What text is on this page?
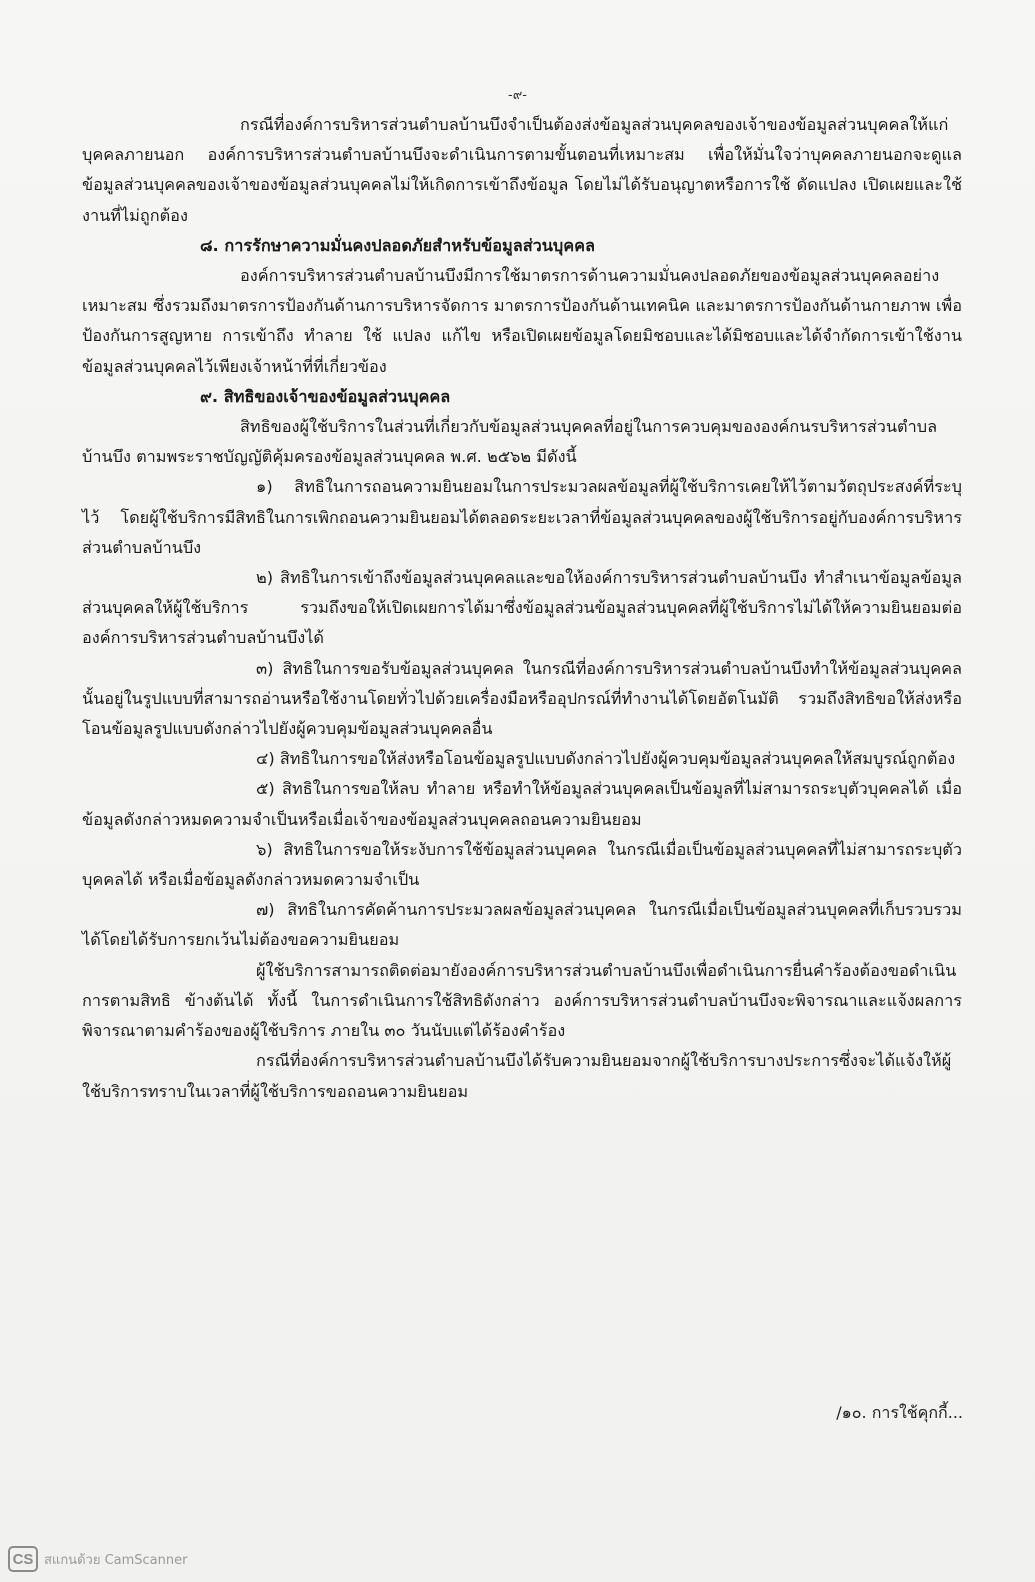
-๙-

กรณีที่องค์การบริหารส่วนตำบลบ้านบึงจำเป็นต้องส่งข้อมูลส่วนบุคคลของเจ้าของข้อมูลส่วนบุคคลให้แก่บุคคลภายนอก องค์การบริหารส่วนตำบลบ้านบึงจะดำเนินการตามขั้นตอนที่เหมาะสม เพื่อให้มั่นใจว่าบุคคลภายนอกจะดูแลข้อมูลส่วนบุคคลของเจ้าของข้อมูลส่วนบุคคลไม่ให้เกิดการเข้าถึงข้อมูล โดยไม่ได้รับอนุญาตหรือการใช้ ดัดแปลง เปิดเผยและใช้งานที่ไม่ถูกต้อง

๘. การรักษาความมั่นคงปลอดภัยสำหรับข้อมูลส่วนบุคคล

องค์การบริหารส่วนตำบลบ้านบึงมีการใช้มาตรการด้านความมั่นคงปลอดภัยของข้อมูลส่วนบุคคลอย่างเหมาะสม ซึ่งรวมถึงมาตรการป้องกันด้านการบริหารจัดการ มาตรการป้องกันด้านเทคนิค และมาตรการป้องกันด้านกายภาพ เพื่อป้องกันการสูญหาย การเข้าถึง ทำลาย ใช้ แปลง แก้ไข หรือเปิดเผยข้อมูลโดยมิชอบและได้มิชอบและได้จำกัดการเข้าใช้งานข้อมูลส่วนบุคคลไว้เพียงเจ้าหน้าที่ที่เกี่ยวข้อง

๙. สิทธิของเจ้าของข้อมูลส่วนบุคคล

สิทธิของผู้ใช้บริการในส่วนที่เกี่ยวกับข้อมูลส่วนบุคคลที่อยู่ในการควบคุมขององค์กนรบริหารส่วนตำบลบ้านบึง ตามพระราชบัญญัติคุ้มครองข้อมูลส่วนบุคคล พ.ศ. ๒๕๖๒ มีดังนี้

๑) สิทธิในการถอนความยินยอมในการประมวลผลข้อมูลที่ผู้ใช้บริการเคยให้ไว้ตามวัตถุประสงค์ที่ระบุไว้ โดยผู้ใช้บริการมีสิทธิในการเพิกถอนความยินยอมได้ตลอดระยะเวลาที่ข้อมูลส่วนบุคคลของผู้ใช้บริการอยู่กับองค์การบริหารส่วนตำบลบ้านบึง

๒) สิทธิในการเข้าถึงข้อมูลส่วนบุคคลและขอให้องค์การบริหารส่วนตำบลบ้านบึง ทำสำเนาข้อมูลข้อมูลส่วนบุคคลให้ผู้ใช้บริการ รวมถึงขอให้เปิดเผยการได้มาซึ่งข้อมูลส่วนข้อมูลส่วนบุคคลที่ผู้ใช้บริการไม่ได้ให้ความยินยอมต่อองค์การบริหารส่วนตำบลบ้านบึงได้

๓) สิทธิในการขอรับข้อมูลส่วนบุคคล ในกรณีที่องค์การบริหารส่วนตำบลบ้านบึงทำให้ข้อมูลส่วนบุคคลนั้นอยู่ในรูปแบบที่สามารถอ่านหรือใช้งานโดยทั่วไปด้วยเครื่องมือหรืออุปกรณ์ที่ทำงานได้โดยอัตโนมัติ รวมถึงสิทธิขอให้ส่งหรือโอนข้อมูลรูปแบบดังกล่าวไปยังผู้ควบคุมข้อมูลส่วนบุคคลอื่น

๔) สิทธิในการขอให้ส่งหรือโอนข้อมูลรูปแบบดังกล่าวไปยังผู้ควบคุมข้อมูลส่วนบุคคลให้สมบูรณ์ถูกต้อง

๕) สิทธิในการขอให้ลบ ทำลาย หรือทำให้ข้อมูลส่วนบุคคลเป็นข้อมูลที่ไม่สามารถระบุตัวบุคคลได้ เมื่อข้อมูลดังกล่าวหมดความจำเป็นหรือเมื่อเจ้าของข้อมูลส่วนบุคคลถอนความยินยอม

๖) สิทธิในการขอให้ระงับการใช้ข้อมูลส่วนบุคคล ในกรณีเมื่อเป็นข้อมูลส่วนบุคคลที่ไม่สามารถระบุตัวบุคคลได้ หรือเมื่อข้อมูลดังกล่าวหมดความจำเป็น

๗) สิทธิในการคัดค้านการประมวลผลข้อมูลส่วนบุคคล ในกรณีเมื่อเป็นข้อมูลส่วนบุคคลที่เก็บรวบรวมได้โดยได้รับการยกเว้นไม่ต้องขอความยินยอม

ผู้ใช้บริการสามารถติดต่อมายังองค์การบริหารส่วนตำบลบ้านบึงเพื่อดำเนินการยื่นคำร้องต้องขอดำเนินการตามสิทธิ ข้างต้นได้ ทั้งนี้ ในการดำเนินการใช้สิทธิดังกล่าว องค์การบริหารส่วนตำบลบ้านบึงจะพิจารณาและแจ้งผลการพิจารณาตามคำร้องของผู้ใช้บริการ ภายใน ๓๐ วันนับแต่ได้ร้องคำร้อง

กรณีที่องค์การบริหารส่วนตำบลบ้านบึงได้รับความยินยอมจากผู้ใช้บริการบางประการซึ่งจะได้แจ้งให้ผู้ใช้บริการทราบในเวลาที่ผู้ใช้บริการขอถอนความยินยอม

/๑๐. การใช้คุกกี้...
CS สแกนด้วย CamScanner
